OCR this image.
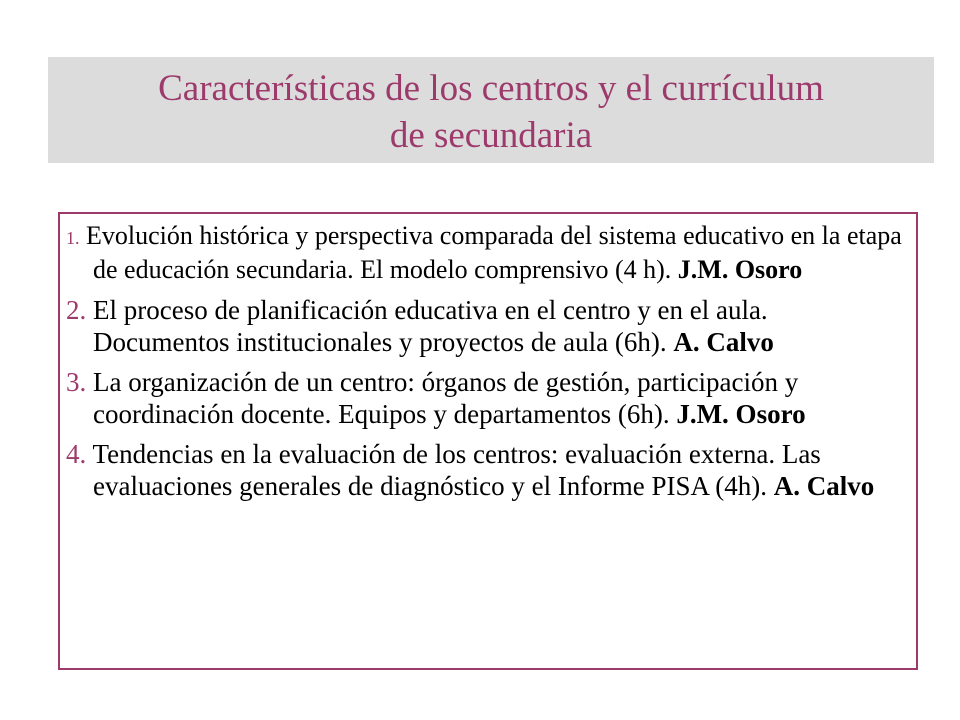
Características de los centros y el currículum
de secundaria
1. Evolución histórica y perspectiva comparada del sistema educativo en la etapa de educación secundaria. El modelo comprensivo (4 h). J.M. Osoro
2. El proceso de planificación educativa en el centro y en el aula. Documentos institucionales y proyectos de aula (6h). A. Calvo
3. La organización de un centro: órganos de gestión, participación y coordinación docente. Equipos y departamentos (6h). J.M. Osoro
4. Tendencias en la evaluación de los centros: evaluación externa. Las evaluaciones generales de diagnóstico y el Informe PISA (4h). A. Calvo
